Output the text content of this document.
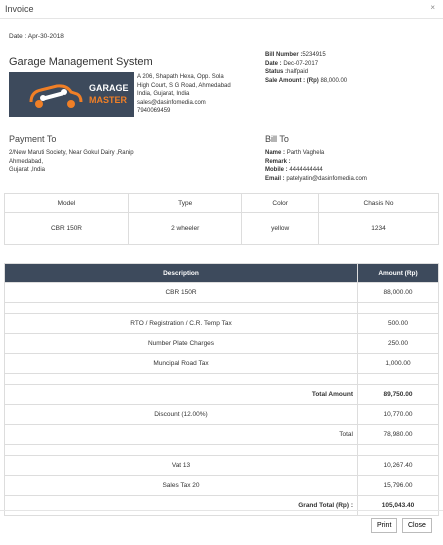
Invoice	×
Date : Apr-30-2018
Garage Management System
GARAGE
MASTER
A 206, Shapath Hexa, Opp. Sola
High Court, S G Road, Ahmedabad
India, Gujarat, India
sales@dasinfomedia.com
7940069459
Bill Number :5234915
Date : Dec-07-2017
Status :halfpaid
Sale Amount : (Rp) 88,000.00
Payment To	Bill To
2/New Maruti Society, Near Gokul Dairy ,Ranip
Ahmedabad,
Gujarat ,India
Name : Parth Vaghela
Remark :
Mobile : 4444444444
Email : patelyatin@dasinfomedia.com
Model	Type	Color	Chasis No
CBR 150R	2 wheeler	yellow	1234
Description	Amount (Rp)
CBR 150R	88,000.00

RTO / Registration / C.R. Temp Tax	500.00
Number Plate Charges	250.00
Muncipal Road Tax	1,000.00

Total Amount	89,750.00
Discount (12.00%)	10,770.00
Total	78,980.00

Vat 13	10,267.40
Sales Tax 20	15,796.00
Grand Total (Rp) :	105,043.40
Print	Close
